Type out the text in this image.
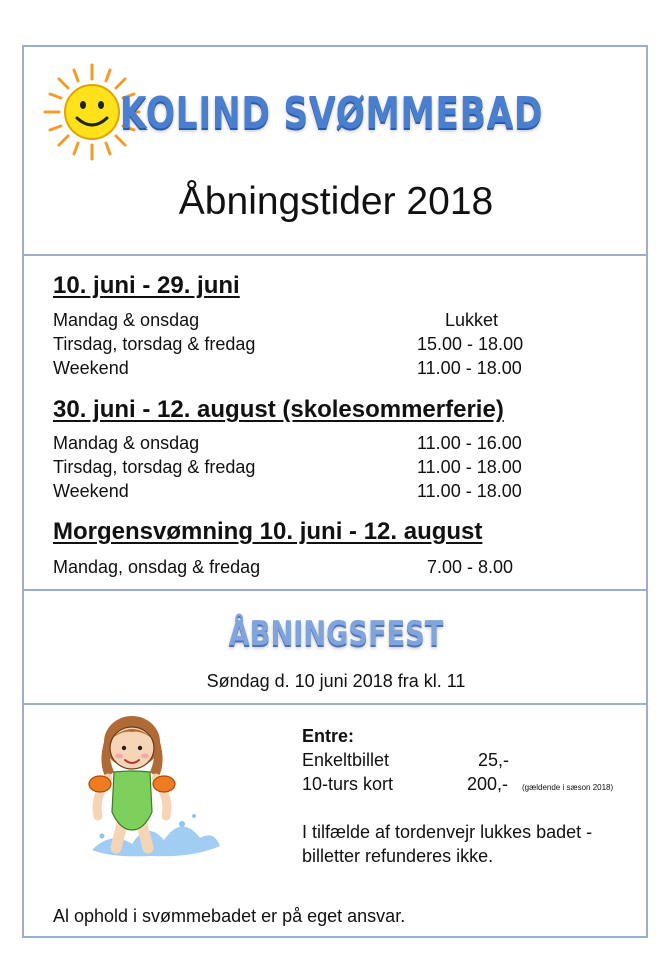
KOLIND SVØMMEBAD
Åbningstider 2018
10. juni - 29. juni
Mandag & onsdag	Lukket
Tirsdag, torsdag & fredag	15.00 - 18.00
Weekend	11.00 - 18.00
30. juni - 12. august (skolesommerferie)
Mandag & onsdag	11.00 - 16.00
Tirsdag, torsdag & fredag	11.00 - 18.00
Weekend	11.00 - 18.00
Morgensvømning 10. juni - 12. august
Mandag, onsdag & fredag	7.00 - 8.00
ÅBNINGSFEST
Søndag d. 10 juni 2018 fra kl. 11
Entre:
Enkeltbillet	25,-
10-turs kort	200,- (gældende i sæson 2018)
I tilfælde af tordenvejr lukkes badet -
billetter refunderes ikke.
Al ophold i svømmebadet er på eget ansvar.
